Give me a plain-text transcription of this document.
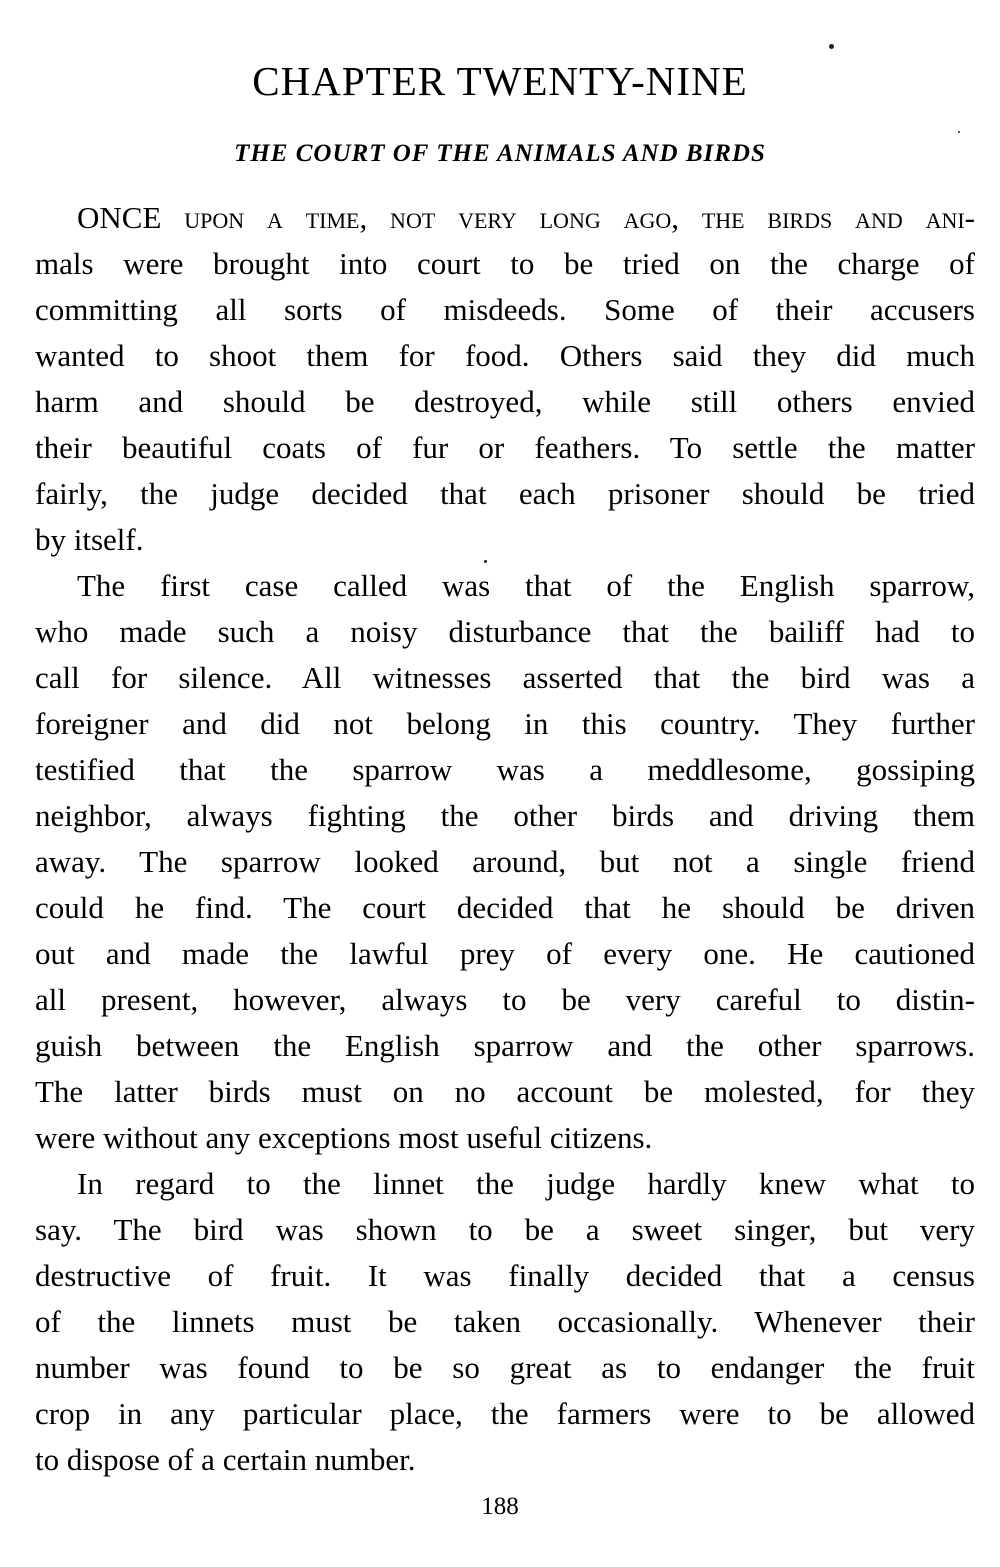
CHAPTER TWENTY-NINE
THE COURT OF THE ANIMALS AND BIRDS
ONCE upon a time, not very long ago, the birds and ani-
mals were brought into court to be tried on the charge of
committing all sorts of misdeeds. Some of their accusers
wanted to shoot them for food. Others said they did much
harm and should be destroyed, while still others envied
their beautiful coats of fur or feathers. To settle the matter
fairly, the judge decided that each prisoner should be tried
by itself.
The first case called was that of the English sparrow,
who made such a noisy disturbance that the bailiff had to
call for silence. All witnesses asserted that the bird was a
foreigner and did not belong in this country. They further
testified that the sparrow was a meddlesome, gossiping
neighbor, always fighting the other birds and driving them
away. The sparrow looked around, but not a single friend
could he find. The court decided that he should be driven
out and made the lawful prey of every one. He cautioned
all present, however, always to be very careful to distin-
guish between the English sparrow and the other sparrows.
The latter birds must on no account be molested, for they
were without any exceptions most useful citizens.
In regard to the linnet the judge hardly knew what to
say. The bird was shown to be a sweet singer, but very
destructive of fruit. It was finally decided that a census
of the linnets must be taken occasionally. Whenever their
number was found to be so great as to endanger the fruit
crop in any particular place, the farmers were to be allowed
to dispose of a certain number.
188
